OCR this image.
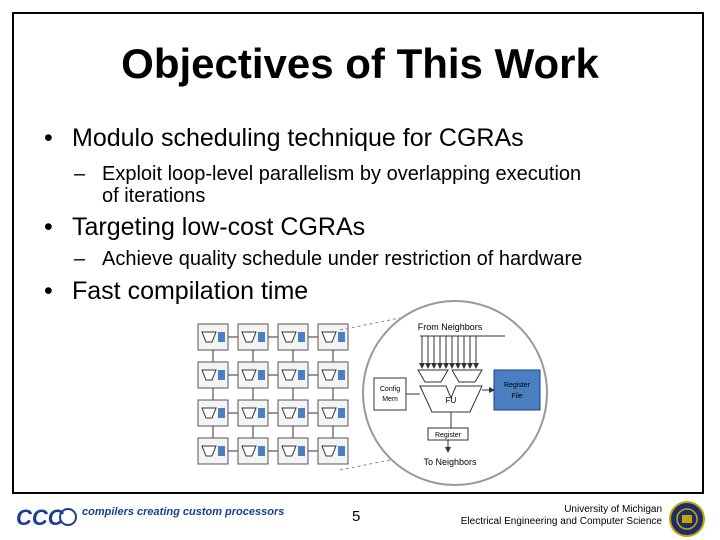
Objectives of This Work
• Modulo scheduling technique for CGRAs
– Exploit loop-level parallelism by overlapping execution
of iterations
• Targeting low-cost CGRAs
– Achieve quality schedule under restriction of hardware
• Fast compilation time
From Neighbors
FU
Config
Mem
Register
File
Register
To Neighbors
CCC compilers creating custom processors	5	University of Michigan
Electrical Engineering and Computer Science
